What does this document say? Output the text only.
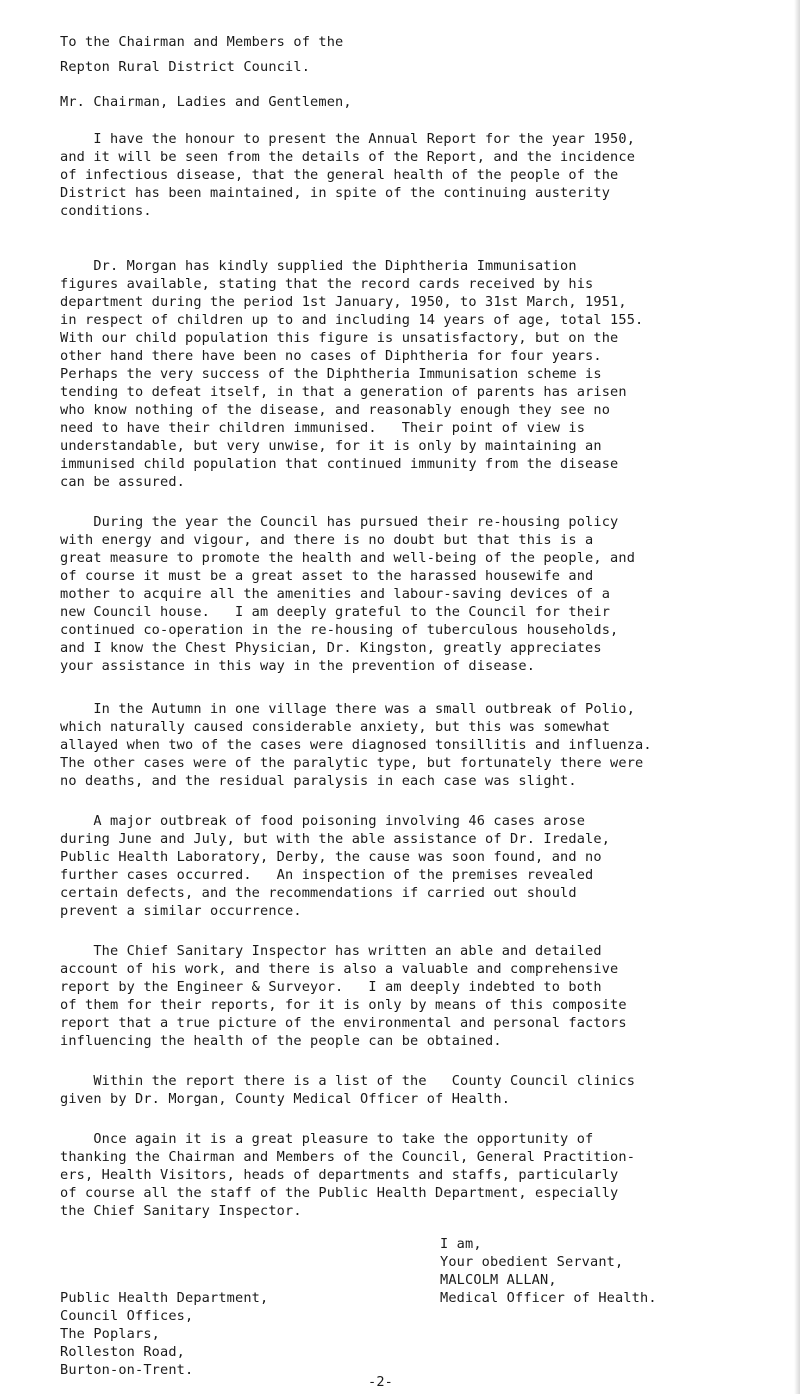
To the Chairman and Members of the
Repton Rural District Council.
Mr. Chairman, Ladies and Gentlemen,
I have the honour to present the Annual Report for the year 1950,
and it will be seen from the details of the Report, and the incidence
of infectious disease, that the general health of the people of the
District has been maintained, in spite of the continuing austerity
conditions.
Dr. Morgan has kindly supplied the Diphtheria Immunisation
figures available, stating that the record cards received by his
department during the period 1st January, 1950, to 31st March, 1951,
in respect of children up to and including 14 years of age, total 155.
With our child population this figure is unsatisfactory, but on the
other hand there have been no cases of Diphtheria for four years.
Perhaps the very success of the Diphtheria Immunisation scheme is
tending to defeat itself, in that a generation of parents has arisen
who know nothing of the disease, and reasonably enough they see no
need to have their children immunised.   Their point of view is
understandable, but very unwise, for it is only by maintaining an
immunised child population that continued immunity from the disease
can be assured.
During the year the Council has pursued their re-housing policy
with energy and vigour, and there is no doubt but that this is a
great measure to promote the health and well-being of the people, and
of course it must be a great asset to the harassed housewife and
mother to acquire all the amenities and labour-saving devices of a
new Council house.   I am deeply grateful to the Council for their
continued co-operation in the re-housing of tuberculous households,
and I know the Chest Physician, Dr. Kingston, greatly appreciates
your assistance in this way in the prevention of disease.
In the Autumn in one village there was a small outbreak of Polio,
which naturally caused considerable anxiety, but this was somewhat
allayed when two of the cases were diagnosed tonsillitis and influenza.
The other cases were of the paralytic type, but fortunately there were
no deaths, and the residual paralysis in each case was slight.
A major outbreak of food poisoning involving 46 cases arose
during June and July, but with the able assistance of Dr. Iredale,
Public Health Laboratory, Derby, the cause was soon found, and no
further cases occurred.   An inspection of the premises revealed
certain defects, and the recommendations if carried out should
prevent a similar occurrence.
The Chief Sanitary Inspector has written an able and detailed
account of his work, and there is also a valuable and comprehensive
report by the Engineer & Surveyor.   I am deeply indebted to both
of them for their reports, for it is only by means of this composite
report that a true picture of the environmental and personal factors
influencing the health of the people can be obtained.
Within the report there is a list of the   County Council clinics
given by Dr. Morgan, County Medical Officer of Health.
Once again it is a great pleasure to take the opportunity of
thanking the Chairman and Members of the Council, General Practition-
ers, Health Visitors, heads of departments and staffs, particularly
of course all the staff of the Public Health Department, especially
the Chief Sanitary Inspector.
I am,
Your obedient Servant,
MALCOLM ALLAN,
Medical Officer of Health.
Public Health Department,
Council Offices,
The Poplars,
Rolleston Road,
Burton-on-Trent.
-2-
